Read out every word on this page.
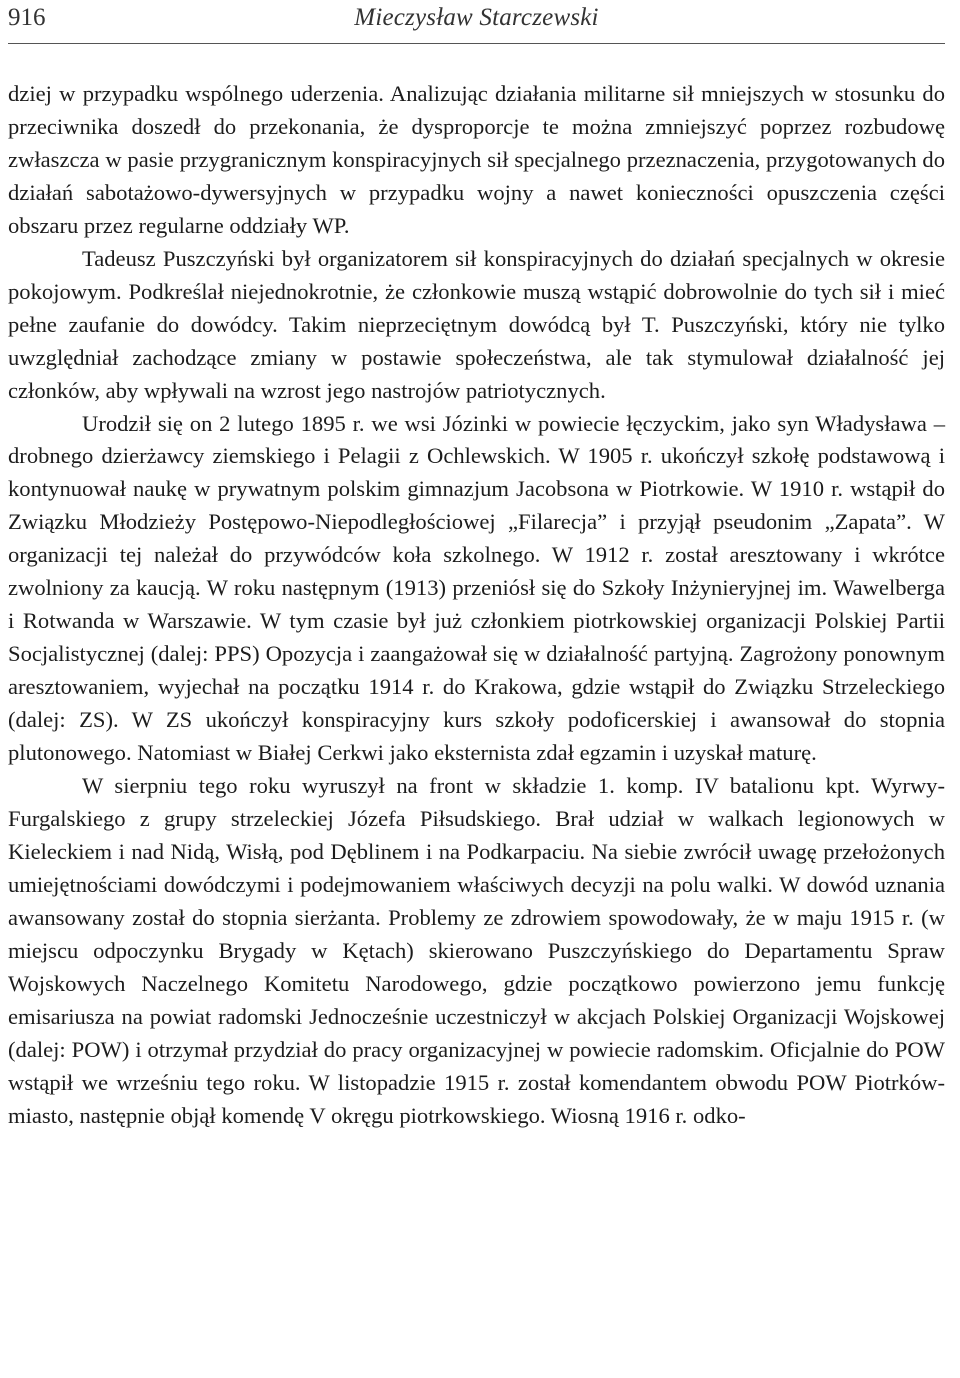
916	Mieczysław Starczewski

dziej w przypadku wspólnego uderzenia. Analizując działania militarne sił mniejszych w stosunku do przeciwnika doszedł do przekonania, że dysproporcje te można zmniejszyć poprzez rozbudowę zwłaszcza w pasie przygranicznym konspiracyjnych sił specjalnego przeznaczenia, przygotowanych do działań sabotażowo-dywersyjnych w przypadku wojny a nawet konieczności opuszczenia części obszaru przez regularne oddziały WP.

Tadeusz Puszczyński był organizatorem sił konspiracyjnych do działań specjalnych w okresie pokojowym. Podkreślał niejednokrotnie, że członkowie muszą wstąpić dobrowolnie do tych sił i mieć pełne zaufanie do dowódcy. Takim nieprzeciętnym dowódcą był T. Puszczyński, który nie tylko uwzględniał zachodzące zmiany w postawie społeczeństwa, ale tak stymulował działalność jej członków, aby wpływali na wzrost jego nastrojów patriotycznych.

Urodził się on 2 lutego 1895 r. we wsi Józinki w powiecie łęczyckim, jako syn Władysława – drobnego dzierżawcy ziemskiego i Pelagii z Ochlewskich. W 1905 r. ukończył szkołę podstawową i kontynuował naukę w prywatnym polskim gimnazjum Jacobsona w Piotrkowie. W 1910 r. wstąpił do Związku Młodzieży Postępowo-Niepodległościowej „Filarecja” i przyjął pseudonim „Zapata”. W organizacji tej należał do przywódców koła szkolnego. W 1912 r. został aresztowany i wkrótce zwolniony za kaucją. W roku następnym (1913) przeniósł się do Szkoły Inżynieryjnej im. Wawelberga i Rotwanda w Warszawie. W tym czasie był już członkiem piotrkowskiej organizacji Polskiej Partii Socjalistycznej (dalej: PPS) Opozycja i zaangażował się w działalność partyjną. Zagrożony ponownym aresztowaniem, wyjechał na początku 1914 r. do Krakowa, gdzie wstąpił do Związku Strzeleckiego (dalej: ZS). W ZS ukończył konspiracyjny kurs szkoły podoficerskiej i awansował do stopnia plutonowego. Natomiast w Białej Cerkwi jako eksternista zdał egzamin i uzyskał maturę.

W sierpniu tego roku wyruszył na front w składzie 1. komp. IV batalionu kpt. Wyrwy-Furgalskiego z grupy strzeleckiej Józefa Piłsudskiego. Brał udział w walkach legionowych w Kieleckiem i nad Nidą, Wisłą, pod Dęblinem i na Podkarpaciu. Na siebie zwrócił uwagę przełożonych umiejętnościami dowódczymi i podejmowaniem właściwych decyzji na polu walki. W dowód uznania awansowany został do stopnia sierżanta. Problemy ze zdrowiem spowodowały, że w maju 1915 r. (w miejscu odpoczynku Brygady w Kętach) skierowano Puszczyńskiego do Departamentu Spraw Wojskowych Naczelnego Komitetu Narodowego, gdzie początkowo powierzono jemu funkcję emisariusza na powiat radomski Jednocześnie uczestniczył w akcjach Polskiej Organizacji Wojskowej (dalej: POW) i otrzymał przydział do pracy organizacyjnej w powiecie radomskim. Oficjalnie do POW wstąpił we wrześniu tego roku. W listopadzie 1915 r. został komendantem obwodu POW Piotrków-miasto, następnie objął komendę V okręgu piotrkowskiego. Wiosną 1916 r. odko-
